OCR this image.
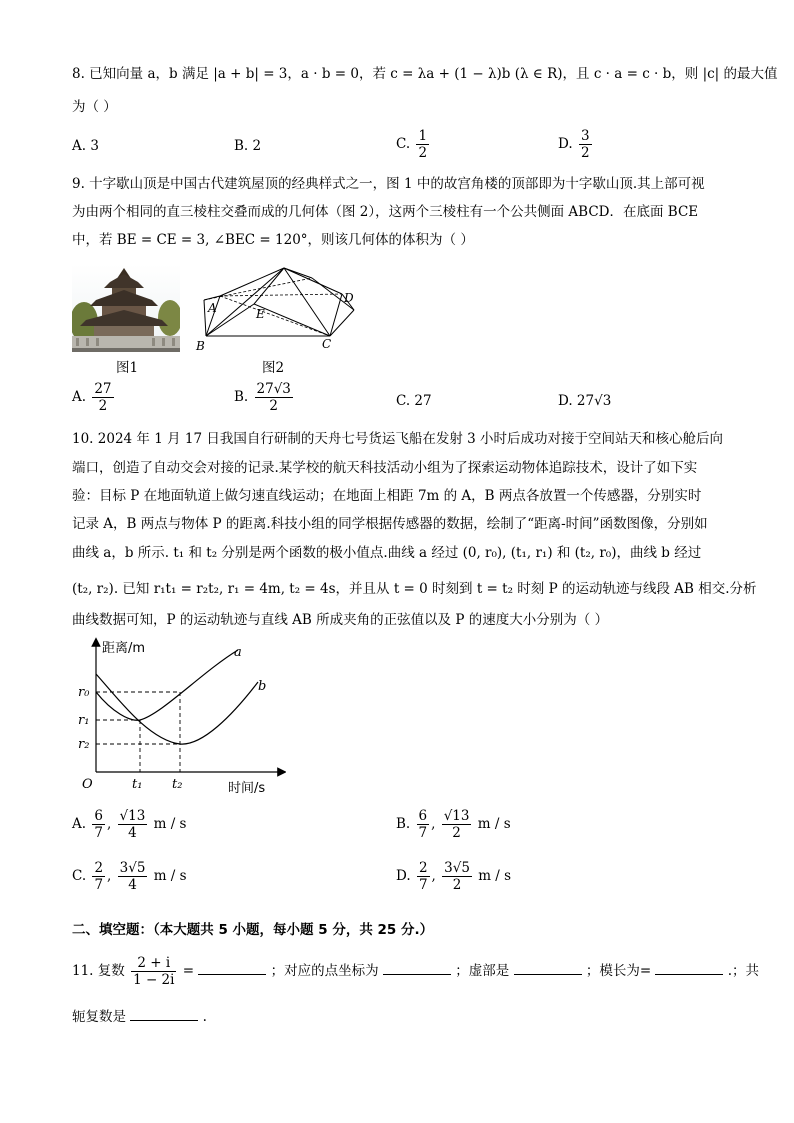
8. 已知向量 a，b 满足 |a + b| = 3，a · b = 0，若 c = λa + (1 − λ)b (λ ∈ R)，且 c · a = c · b，则 |c| 的最大值
为（ ）
A. 3	B. 2	C. $\frac{1}{2}$	D. $\frac{3}{2}$
9. 十字歇山顶是中国古代建筑屋顶的经典样式之一，图 1 中的故宫角楼的顶部即为十字歇山顶.其上部可视
为由两个相同的直三棱柱交叠而成的几何体（图 2），这两个三棱柱有一个公共侧面 ABCD．在底面 BCE
中，若 BE = CE = 3, ∠BEC = 120°，则该几何体的体积为（ ）
图1
A
B	C
D
E
图2
A. $\frac{27}{2}$	B. $\frac{27√3}{2}$	C. 27	D. 27√3
10. 2024 年 1 月 17 日我国自行研制的天舟七号货运飞船在发射 3 小时后成功对接于空间站天和核心舱后向
端口，创造了自动交会对接的记录.某学校的航天科技活动小组为了探索运动物体追踪技术，设计了如下实
验：目标 P 在地面轨道上做匀速直线运动；在地面上相距 7m 的 A，B 两点各放置一个传感器，分别实时
记录 A，B 两点与物体 P 的距离.科技小组的同学根据传感器的数据，绘制了“距离-时间”函数图像，分别如
曲线 a，b 所示. t₁ 和 t₂ 分别是两个函数的极小值点.曲线 a 经过 (0, r₀), (t₁, r₁) 和 (t₂, r₀)，曲线 b 经过
(t₂, r₂). 已知 r₁t₁ = r₂t₂, r₁ = 4m, t₂ = 4s，并且从 t = 0 时刻到 t = t₂ 时刻 P 的运动轨迹与线段 AB 相交.分析
曲线数据可知，P 的运动轨迹与直线 AB 所成夹角的正弦值以及 P 的速度大小分别为（ ）
距离/m
时间/s
O
a
b
r₀
r₁
r₂
t₁ t₂
A. $\frac{6}{7}$ , $\frac{√13}{4}$ m / s	B. $\frac{6}{7}$ , $\frac{√13}{2}$ m / s
C. $\frac{2}{7}$ , $\frac{3√5}{4}$ m / s	D. $\frac{2}{7}$ , $\frac{3√5}{2}$ m / s
二、填空题：（本大题共 5 小题，每小题 5 分，共 25 分.）
11. 复数 $\frac{2 + i}{1 - 2i}$ =	；对应的点坐标为	；虚部是	；模长为=	.；共
轭复数是	.
